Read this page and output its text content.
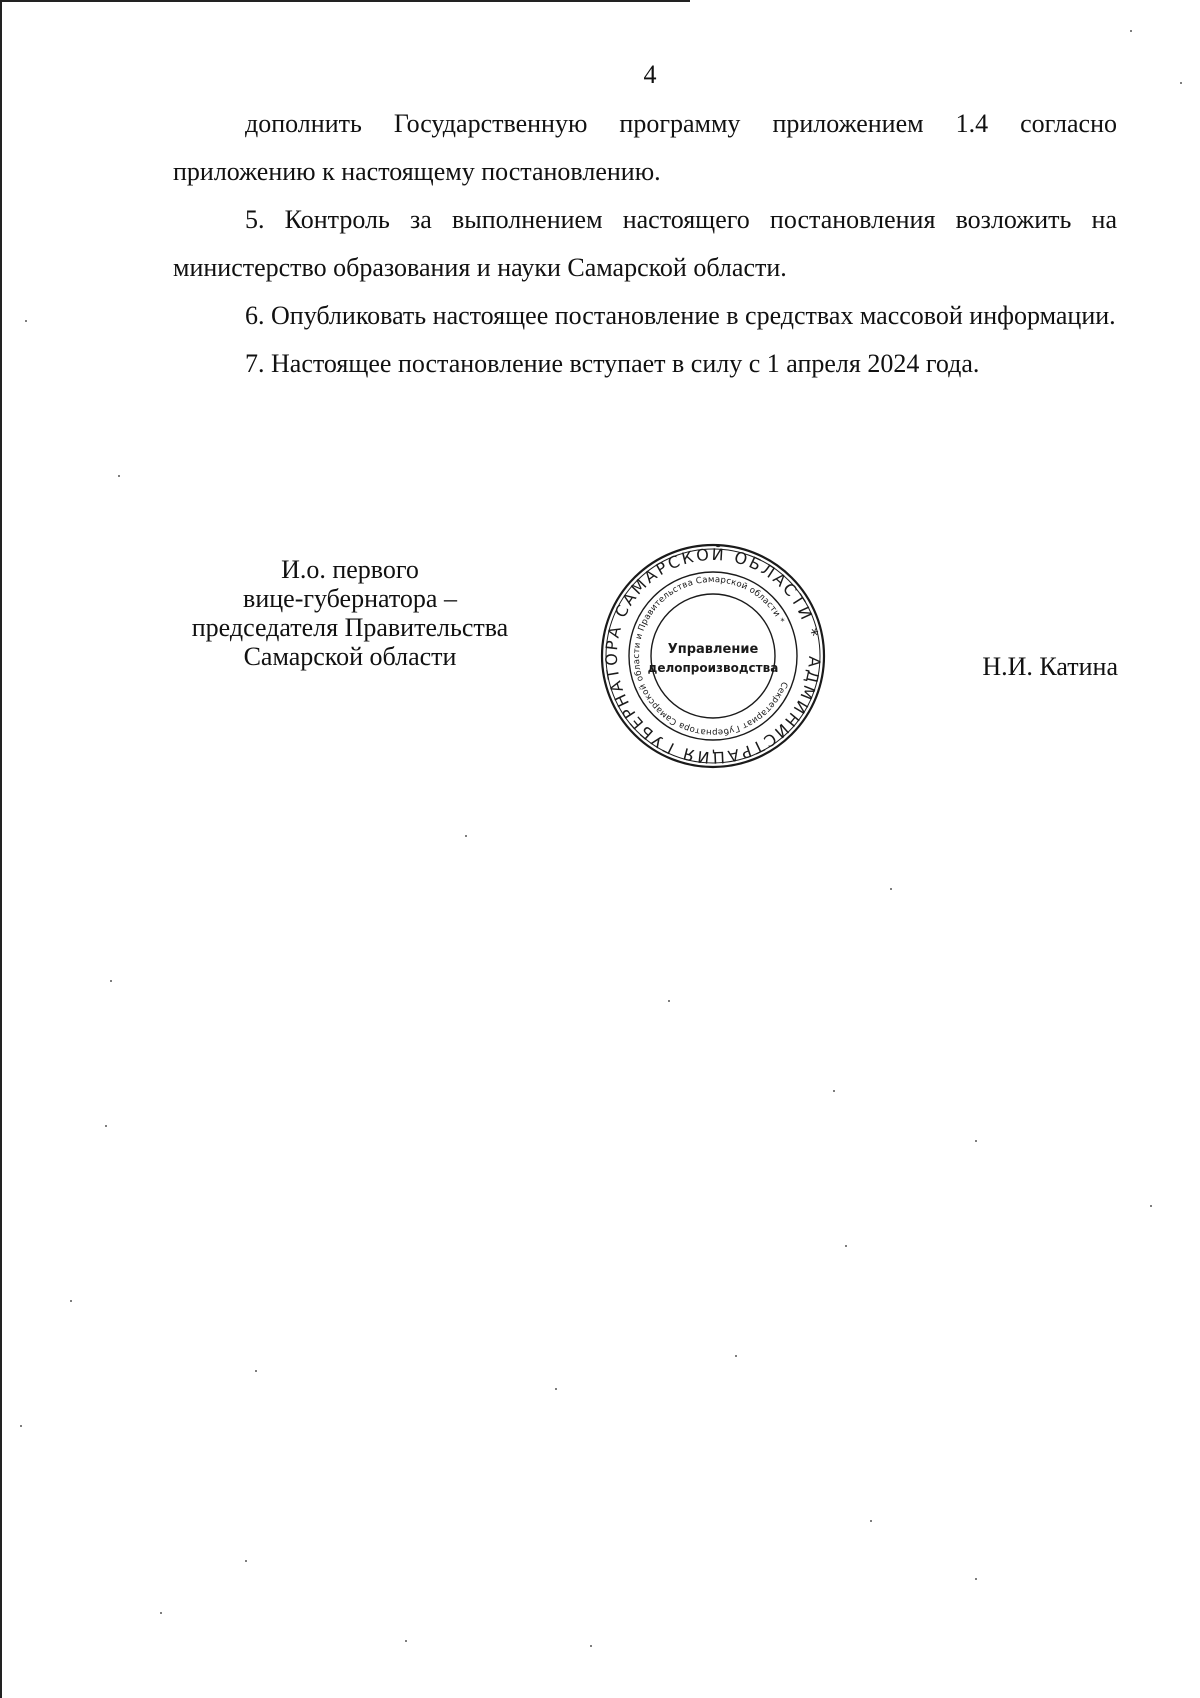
4

дополнить Государственную программу приложением 1.4 согласно приложению к настоящему постановлению.

5. Контроль за выполнением настоящего постановления возложить на министерство образования и науки Самарской области.

6. Опубликовать настоящее постановление в средствах массовой информации.

7. Настоящее постановление вступает в силу с 1 апреля 2024 года.

И.о. первого
вице-губернатора –
председателя Правительства
Самарской области	АДМИНИСТРАЦИЯ ГУБЕРНАТОРА САМАРСКОЙ ОБЛАСТИ *
Секретариат Губернатора Самарской области и Правительства Самарской области *
Управление
делопроизводства	Н.И. Катина
